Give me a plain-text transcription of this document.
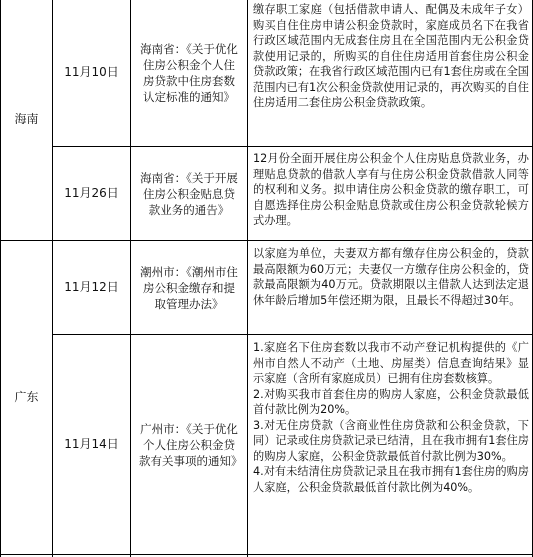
海南
广东
11月10日
海南省：《关于优化住房公积金个人住房贷款中住房套数认定标准的通知》

缴存职工家庭（包括借款申请人、配偶及未成年子女）购买自住住房申请公积金贷款时，家庭成员名下在我省行政区域范围内无成套住房且在全国范围内无公积金贷款使用记录的，所购买的自住住房适用首套住房公积金贷款政策；在我省行政区域范围内已有1套住房或在全国范围内已有1次公积金贷款使用记录的，再次购买的自住住房适用二套住房公积金贷款政策。

11月26日
海南省：《关于开展住房公积金贴息贷款业务的通告》

12月份全面开展住房公积金个人住房贴息贷款业务，办理贴息贷款的借款人享有与住房公积金贷款借款人同等的权利和义务。拟申请住房公积金贷款的缴存职工，可自愿选择住房公积金贴息贷款或住房公积金贷款轮候方式办理。

11月12日
潮州市：《潮州市住房公积金缴存和提取管理办法》

以家庭为单位，夫妻双方都有缴存住房公积金的，贷款最高限额为60万元；夫妻仅一方缴存住房公积金的，贷款最高限额为40万元。贷款期限以主借款人达到法定退休年龄后增加5年偿还期为限，且最长不得超过30年。

11月14日
广州市：《关于优化个人住房公积金贷款有关事项的通知》

1.家庭名下住房套数以我市不动产登记机构提供的《广州市自然人不动产（土地、房屋类）信息查询结果》显示家庭（含所有家庭成员）已拥有住房套数核算。

2.对购买我市首套住房的购房人家庭，公积金贷款最低首付款比例为20%。

3.对无住房贷款（含商业性住房贷款和公积金贷款，下同）记录或住房贷款记录已结清，且在我市拥有1套住房的购房人家庭，公积金贷款最低首付款比例为30%。

4.对有未结清住房贷款记录且在我市拥有1套住房的购房人家庭，公积金贷款最低首付款比例为40%。
